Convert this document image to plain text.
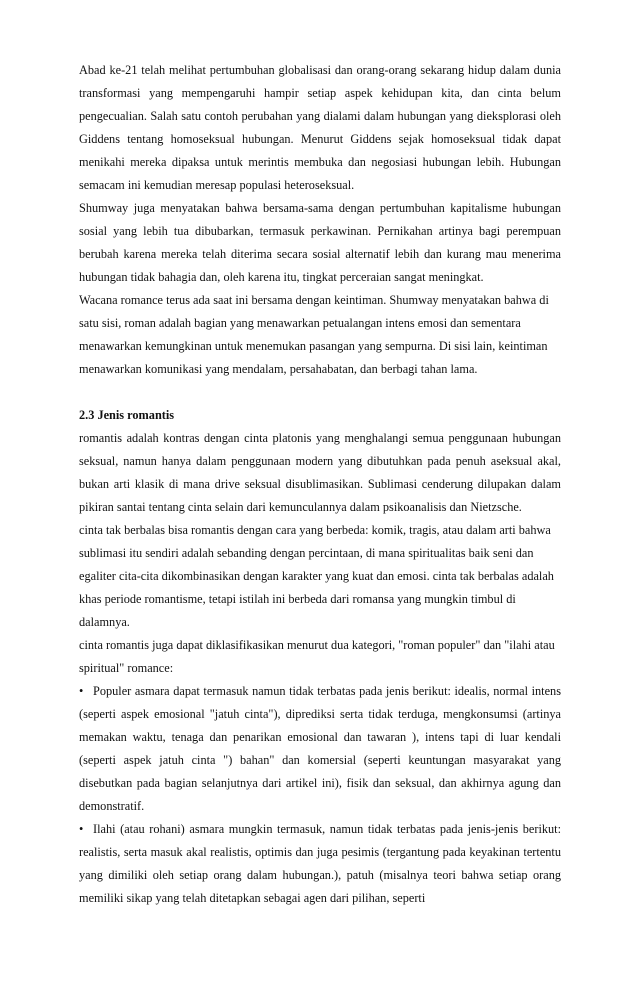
Abad ke-21 telah melihat pertumbuhan globalisasi dan orang-orang sekarang hidup dalam dunia transformasi yang mempengaruhi hampir setiap aspek kehidupan kita, dan cinta belum pengecualian. Salah satu contoh perubahan yang dialami dalam hubungan yang dieksplorasi oleh Giddens tentang homoseksual hubungan. Menurut Giddens sejak homoseksual tidak dapat menikahi mereka dipaksa untuk merintis membuka dan negosiasi hubungan lebih. Hubungan semacam ini kemudian meresap populasi heteroseksual.

Shumway juga menyatakan bahwa bersama-sama dengan pertumbuhan kapitalisme hubungan sosial yang lebih tua dibubarkan, termasuk perkawinan. Pernikahan artinya bagi perempuan berubah karena mereka telah diterima secara sosial alternatif lebih dan kurang mau menerima hubungan tidak bahagia dan, oleh karena itu, tingkat perceraian sangat meningkat.

Wacana romance terus ada saat ini bersama dengan keintiman. Shumway menyatakan bahwa di satu sisi, roman adalah bagian yang menawarkan petualangan intens emosi dan sementara menawarkan kemungkinan untuk menemukan pasangan yang sempurna. Di sisi lain, keintiman menawarkan komunikasi yang mendalam, persahabatan, dan berbagi tahan lama.

2.3 Jenis romantis

romantis adalah kontras dengan cinta platonis yang menghalangi semua penggunaan hubungan seksual, namun hanya dalam penggunaan modern yang dibutuhkan pada penuh aseksual akal, bukan arti klasik di mana drive seksual disublimasikan. Sublimasi cenderung dilupakan dalam pikiran santai tentang cinta selain dari kemunculannya dalam psikoanalisis dan Nietzsche.

cinta tak berbalas bisa romantis dengan cara yang berbeda: komik, tragis, atau dalam arti bahwa sublimasi itu sendiri adalah sebanding dengan percintaan, di mana spiritualitas baik seni dan egaliter cita-cita dikombinasikan dengan karakter yang kuat dan emosi. cinta tak berbalas adalah khas periode romantisme, tetapi istilah ini berbeda dari romansa yang mungkin timbul di dalamnya.

cinta romantis juga dapat diklasifikasikan menurut dua kategori, "roman populer" dan "ilahi atau spiritual" romance:

• Populer asmara dapat termasuk namun tidak terbatas pada jenis berikut: idealis, normal intens (seperti aspek emosional "jatuh cinta"), diprediksi serta tidak terduga, mengkonsumsi (artinya memakan waktu, tenaga dan penarikan emosional dan tawaran ), intens tapi di luar kendali (seperti aspek jatuh cinta ") bahan" dan komersial (seperti keuntungan masyarakat yang disebutkan pada bagian selanjutnya dari artikel ini), fisik dan seksual, dan akhirnya agung dan demonstratif.

• Ilahi (atau rohani) asmara mungkin termasuk, namun tidak terbatas pada jenis-jenis berikut: realistis, serta masuk akal realistis, optimis dan juga pesimis (tergantung pada keyakinan tertentu yang dimiliki oleh setiap orang dalam hubungan.), patuh (misalnya teori bahwa setiap orang memiliki sikap yang telah ditetapkan sebagai agen dari pilihan, seperti
